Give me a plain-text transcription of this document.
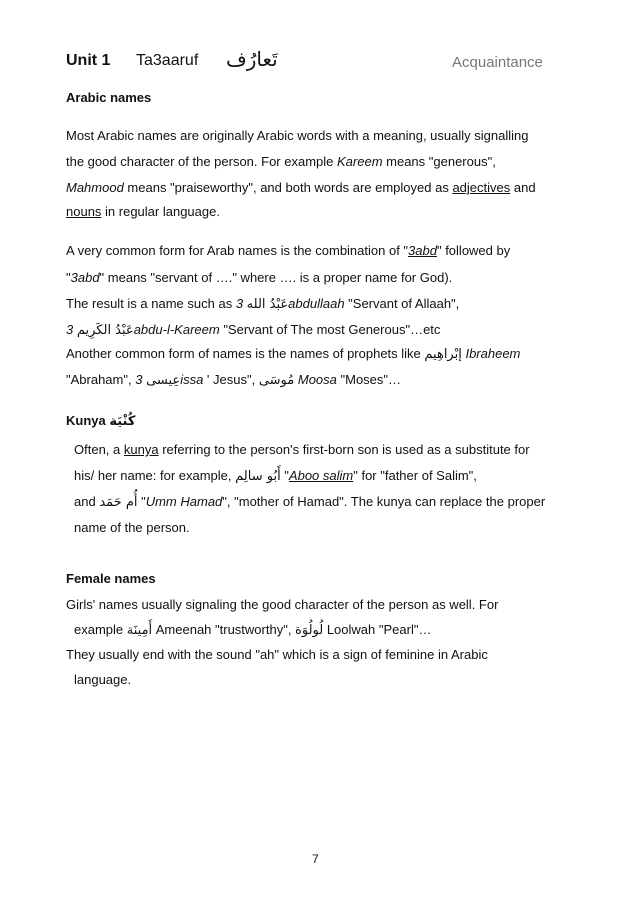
Unit 1 Ta3aaruf تَعارُف	Acquaintance
Arabic names
Most Arabic names are originally Arabic words with a meaning, usually signalling
the good character of the person. For example Kareem means "generous",
Mahmood means "praiseworthy", and both words are employed as adjectives and
nouns in regular language.
A very common form for Arab names is the combination of "3abd" followed by
"3abd" means "servant of …." where …. is a proper name for God).
The result is a name such as عَبْدُ الله 3abdullaah "Servant of Allaah",
عَبْدُ الكَرِيم 3abdu-l-Kareem "Servant of The most Generous"…etc
Another common form of names is the names of prophets like إبْراهِيم Ibraheem
"Abraham", عِيسى 3issa ' Jesus", مُوسَى Moosa "Moses"…
Kunya كُنْيَة
Often, a kunya referring to the person's first-born son is used as a substitute for
his/ her name: for example, أَبُو سالِم "Aboo salim" for "father of Salim",
and أُم حَمَد "Umm Hamad", "mother of Hamad". The kunya can replace the proper
name of the person.
Female names
Girls' names usually signaling the good character of the person as well. For
example أَمِينَة Ameenah "trustworthy", لُولُوَة Loolwah "Pearl"…
They usually end with the sound "ah" which is a sign of feminine in Arabic
language.
7
